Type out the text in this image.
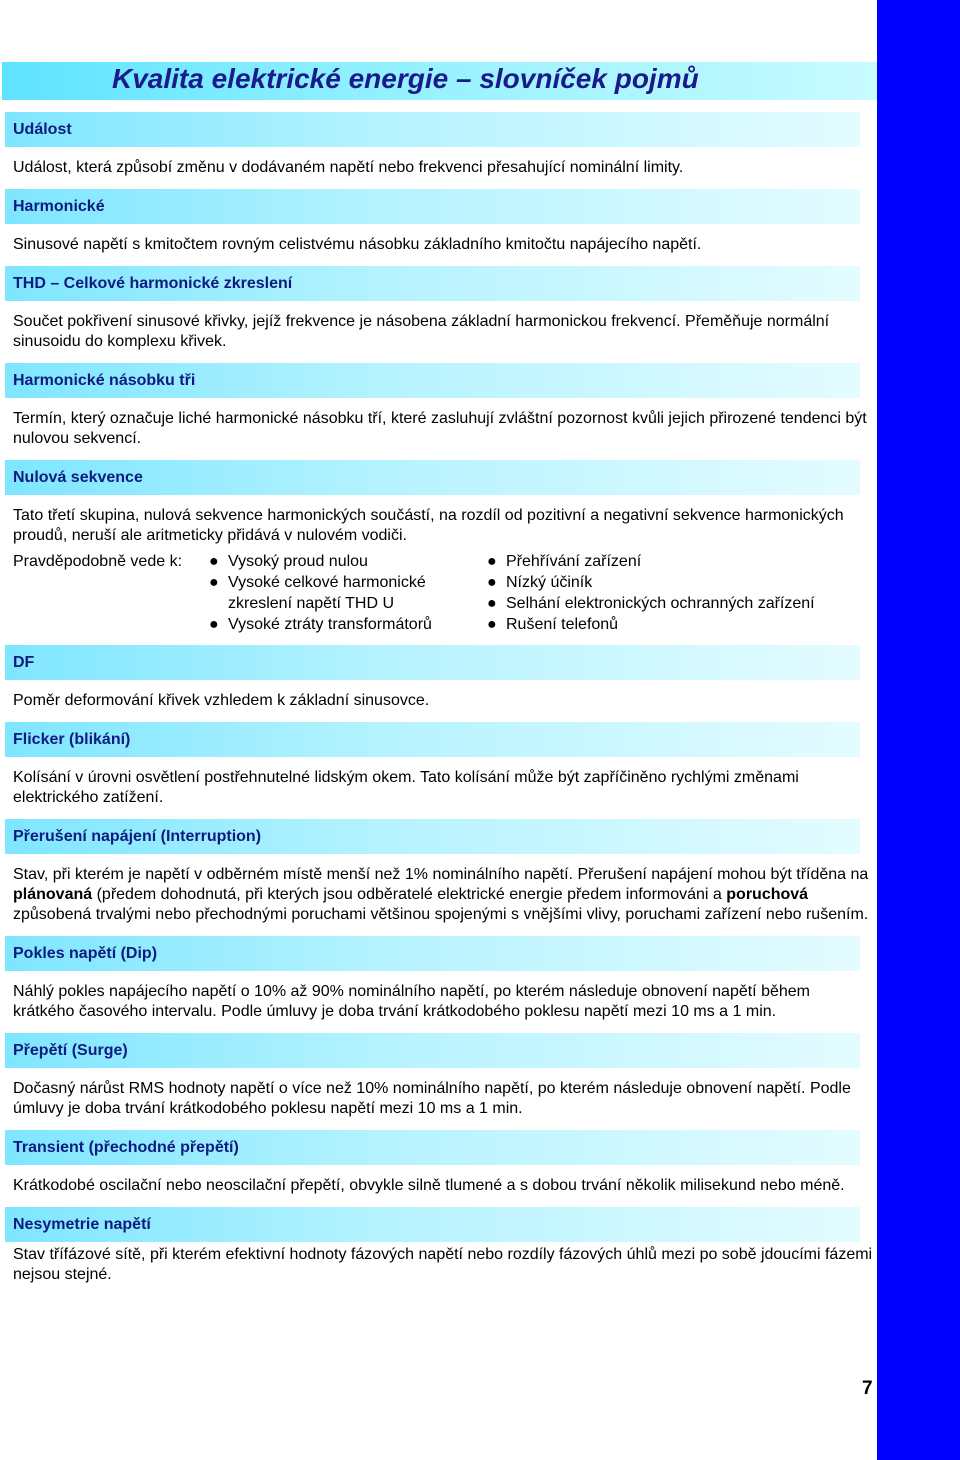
Kvalita elektrické energie – slovníček pojmů
Událost
Událost, která způsobí změnu v dodávaném napětí nebo frekvenci přesahující nominální limity.
Harmonické
Sinusové napětí s kmitočtem rovným celistvému násobku základního kmitočtu napájecího napětí.
THD – Celkové harmonické zkreslení
Součet pokřivení sinusové křivky, jejíž frekvence je násobena základní harmonickou frekvencí. Přeměňuje normální sinusoidu do komplexu křivek.
Harmonické násobku tři
Termín, který označuje liché harmonické násobku tří, které zasluhují zvláštní pozornost kvůli jejich přirozené tendenci být nulovou sekvencí.
Nulová sekvence
Tato třetí skupina, nulová sekvence harmonických součástí, na rozdíl od pozitivní a negativní sekvence harmonických proudů, neruší ale aritmeticky přidává v nulovém vodiči.
Pravděpodobně vede k:	● Vysoký proud nulou
● Vysoké celkové harmonické zkreslení napětí THD U
● Vysoké ztráty transformátorů
● Přehřívání zařízení
● Nízký účiník
● Selhání elektronických ochranných zařízení
● Rušení telefonů
DF
Poměr deformování křivek vzhledem k základní sinusovce.
Flicker (blikání)
Kolísání v úrovni osvětlení postřehnutelné lidským okem. Tato kolísání může být zapříčiněno rychlými změnami elektrického zatížení.
Přerušení napájení (Interruption)
Stav, při kterém je napětí v odběrném místě menší než 1% nominálního napětí. Přerušení napájení mohou být tříděna na plánovaná (předem dohodnutá, při kterých jsou odběratelé elektrické energie předem informováni a poruchová   způsobená trvalými nebo přechodnými poruchami většinou spojenými s vnějšími vlivy, poruchami zařízení nebo rušením.
Pokles napětí (Dip)
Náhlý pokles napájecího napětí o 10% až 90% nominálního napětí, po kterém následuje obnovení napětí během krátkého časového intervalu. Podle úmluvy je doba trvání krátkodobého poklesu napětí mezi 10 ms a 1 min.
Přepětí (Surge)
Dočasný nárůst RMS hodnoty napětí o více než 10% nominálního napětí, po kterém následuje obnovení napětí. Podle úmluvy je doba trvání krátkodobého poklesu napětí mezi 10 ms a 1 min.
Transient (přechodné přepětí)
Krátkodobé oscilační nebo neoscilační přepětí, obvykle silně tlumené a s dobou trvání několik milisekund nebo méně.
Nesymetrie napětí
Stav třífázové sítě, při kterém efektivní hodnoty fázových napětí nebo rozdíly fázových úhlů mezi po sobě jdoucími fázemi nejsou stejné.
7
